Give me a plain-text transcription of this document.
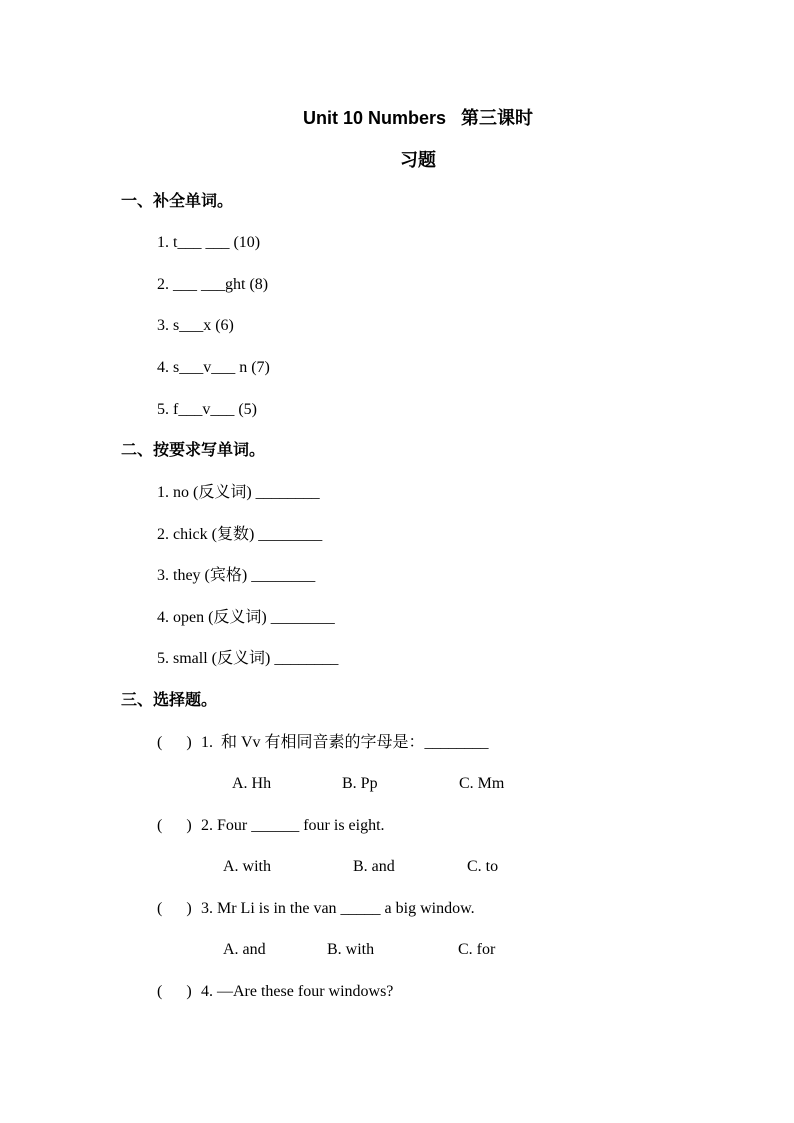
Unit 10 Numbers   第三课时
习题
一、补全单词。
1. t___ ___ (10)
2. ___ ___ght (8)
3. s___x (6)
4. s___v___ n (7)
5. f___v___ (5)
二、按要求写单词。
1. no (反义词) ________
2. chick (复数) ________
3. they (宾格) ________
4. open (反义词) ________
5. small (反义词) ________
三、选择题。
(      ) 1.  和 Vv 有相同音素的字母是：________
A. Hh	B. Pp	C. Mm
(      ) 2. Four ______ four is eight.
A. with	B. and	C. to
(      ) 3. Mr Li is in the van _____ a big window.
A. and	B. with	C. for
(      ) 4. —Are these four windows?
